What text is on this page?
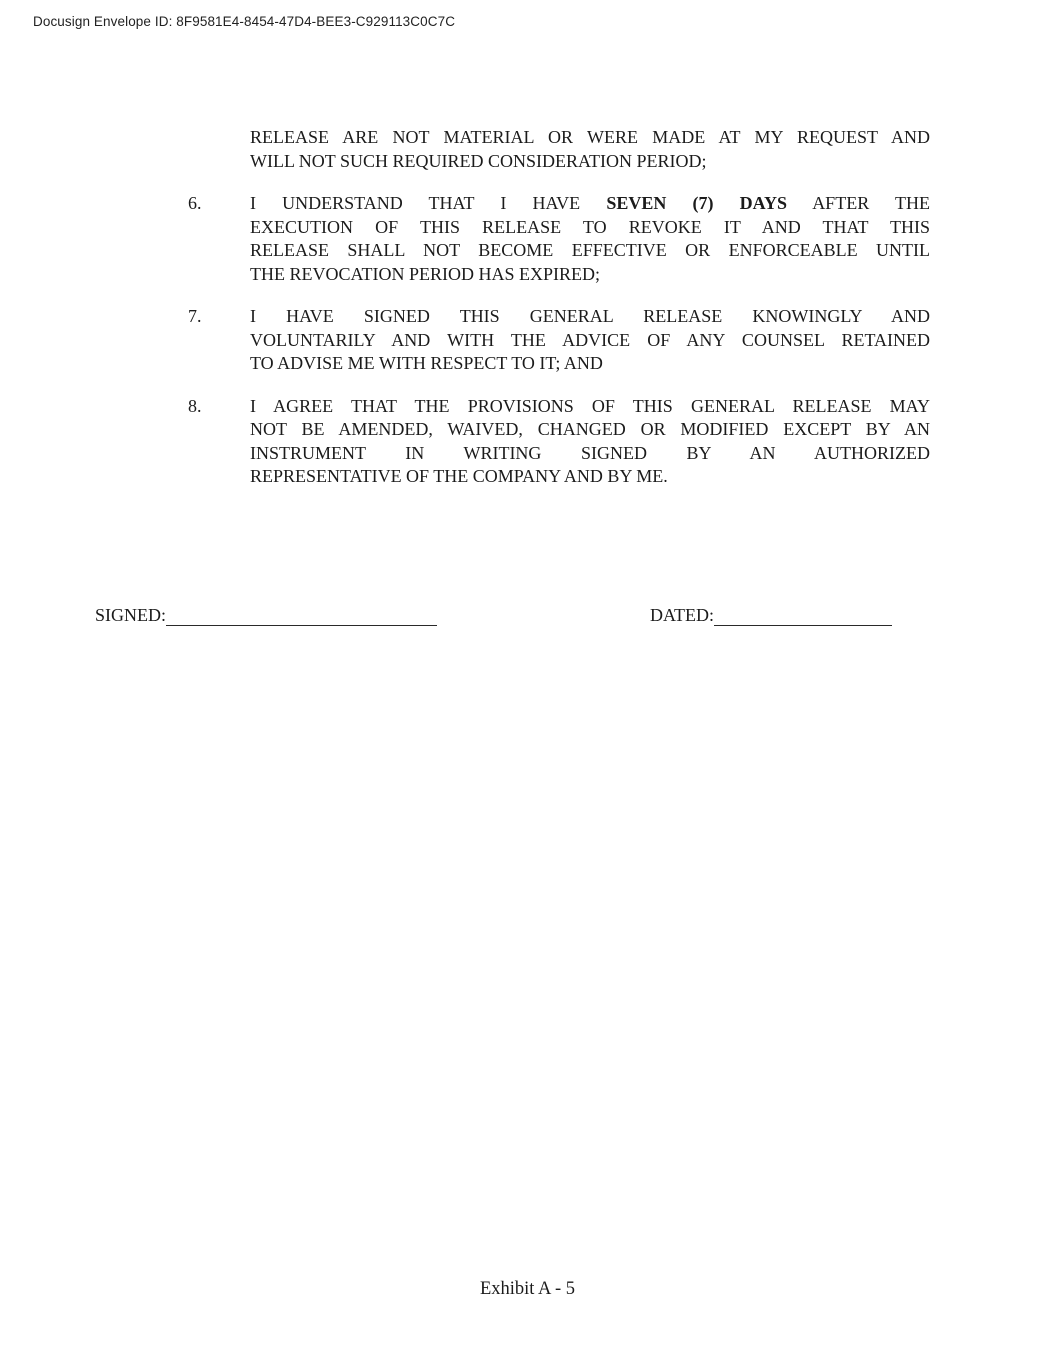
Docusign Envelope ID: 8F9581E4-8454-47D4-BEE3-C929113C0C7C
RELEASE ARE NOT MATERIAL OR WERE MADE AT MY REQUEST AND
WILL NOT SUCH REQUIRED CONSIDERATION PERIOD;
6.	I UNDERSTAND THAT I HAVE SEVEN (7) DAYS AFTER THE
EXECUTION OF THIS RELEASE TO REVOKE IT AND THAT THIS
RELEASE SHALL NOT BECOME EFFECTIVE OR ENFORCEABLE UNTIL
THE REVOCATION PERIOD HAS EXPIRED;
7.	I HAVE SIGNED THIS GENERAL RELEASE KNOWINGLY AND
VOLUNTARILY AND WITH THE ADVICE OF ANY COUNSEL RETAINED
TO ADVISE ME WITH RESPECT TO IT; AND
8.	I AGREE THAT THE PROVISIONS OF THIS GENERAL RELEASE MAY
NOT BE AMENDED, WAIVED, CHANGED OR MODIFIED EXCEPT BY AN
INSTRUMENT IN WRITING SIGNED BY AN AUTHORIZED
REPRESENTATIVE OF THE COMPANY AND BY ME.
SIGNED:	DATED:
Exhibit A - 5
